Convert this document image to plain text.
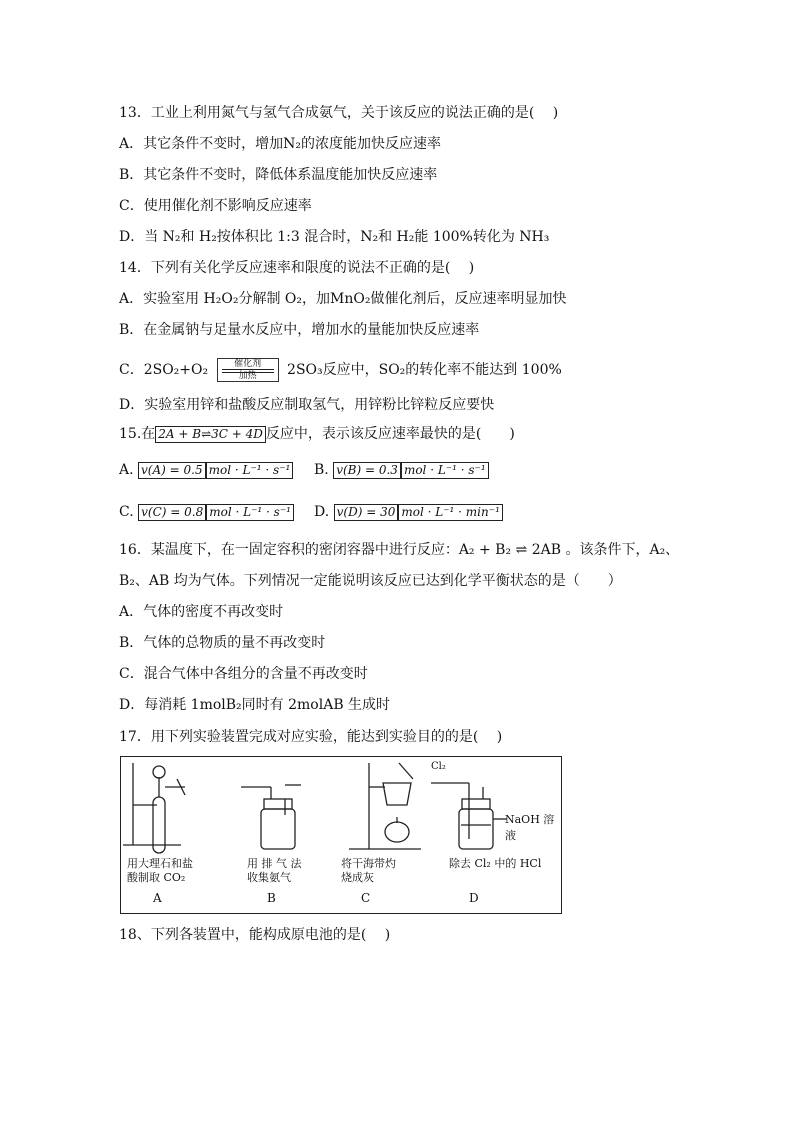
13．工业上利用氮气与氢气合成氨气，关于该反应的说法正确的是(　 )
A．其它条件不变时，增加N₂的浓度能加快反应速率
B．其它条件不变时，降低体系温度能加快反应速率
C．使用催化剂不影响反应速率
D．当 N₂和 H₂按体积比 1:3 混合时，N₂和 H₂能 100%转化为 NH₃
14．下列有关化学反应速率和限度的说法不正确的是(　 )
A．实验室用 H₂O₂分解制 O₂，加MnO₂做催化剂后，反应速率明显加快
B．在金属钠与足量水反应中，增加水的量能加快反应速率
C．2SO₂+O₂	催化剂
加热	2SO₃反应中，SO₂的转化率不能达到 100%
D．实验室用锌和盐酸反应制取氢气，用锌粉比锌粒反应要快
15.在 2A + B⇌3C + 4D 反应中，表示该反应速率最快的是(　　)
A. v(A) = 0.5 mol · L⁻¹ · s⁻¹ B. v(B) = 0.3 mol · L⁻¹ · s⁻¹
C. v(C) = 0.8 mol · L⁻¹ · s⁻¹ D. v(D) = 30 mol · L⁻¹ · min⁻¹
16．某温度下，在一固定容积的密闭容器中进行反应：A₂ + B₂ ⇌ 2AB 。该条件下，A₂、
B₂、AB 均为气体。下列情况一定能说明该反应已达到化学平衡状态的是（　　）
A．气体的密度不再改变时
B．气体的总物质的量不再改变时
C．混合气体中各组分的含量不再改变时
D．每消耗 1molB₂同时有 2molAB 生成时
17．用下列实验装置完成对应实验，能达到实验目的的是(　 )
Cl₂
NaOH 溶液
用大理石和盐
酸制取 CO₂
用 排 气 法
收集氨气
将干海带灼
烧成灰
除去 Cl₂ 中的 HCl
A	B	C	D
18、下列各装置中，能构成原电池的是(　 )
